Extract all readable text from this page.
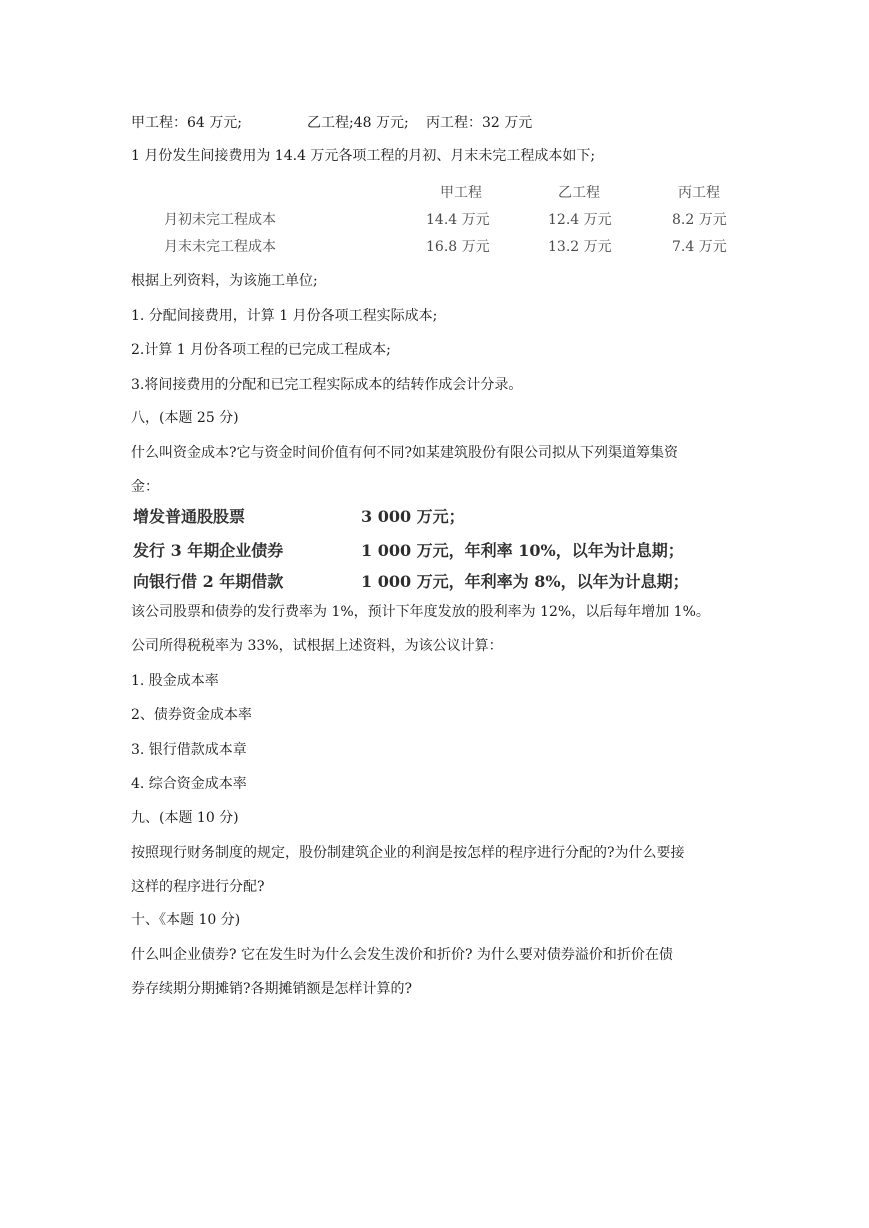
甲工程：64 万元;	乙工程;48 万元; 丙工程：32 万元
1 月份发生间接费用为 14.4 万元各项工程的月初、月末未完工程成本如下;
甲工程	乙工程	丙工程
月初未完工程成本	14.4 万元	12.4 万元	8.2 万元
月末未完工程成本	16.8 万元	13.2 万元	7.4 万元
根据上列资料，为该施工单位;
1. 分配间接费用，计算 1 月份各项工程实际成本;
2.计算 1 月份各项工程的已完成工程成本;
3.将间接费用的分配和已完工程实际成本的结转作成会计分录。
八，(本题 25 分)
什么叫资金成本?它与资金时间价值有何不同?如某建筑股份有限公司拟从下列渠道筹集资
金：
增发普通股股票	3 000 万元；
发行 3 年期企业债券	1 000 万元，年利率 10%，以年为计息期；
向银行借 2 年期借款	1 000 万元，年利率为 8%，以年为计息期；
该公司股票和债券的发行费率为 1%，预计下年度发放的股利率为 12%，以后每年增加 1%。
公司所得税税率为 33%，试根据上述资料，为该公议计算：
1. 股金成本率
2、债券资金成本率
3. 银行借款成本章
4. 综合资金成本率
九、(本题 10 分)
按照现行财务制度的规定，股份制建筑企业的利润是按怎样的程序进行分配的?为什么要接
这样的程序进行分配?
十、《本题 10 分)
什么叫企业债券? 它在发生时为什么会发生泼价和折价? 为什么要对债券溢价和折价在债
券存续期分期摊销?各期摊销额是怎样计算的?
